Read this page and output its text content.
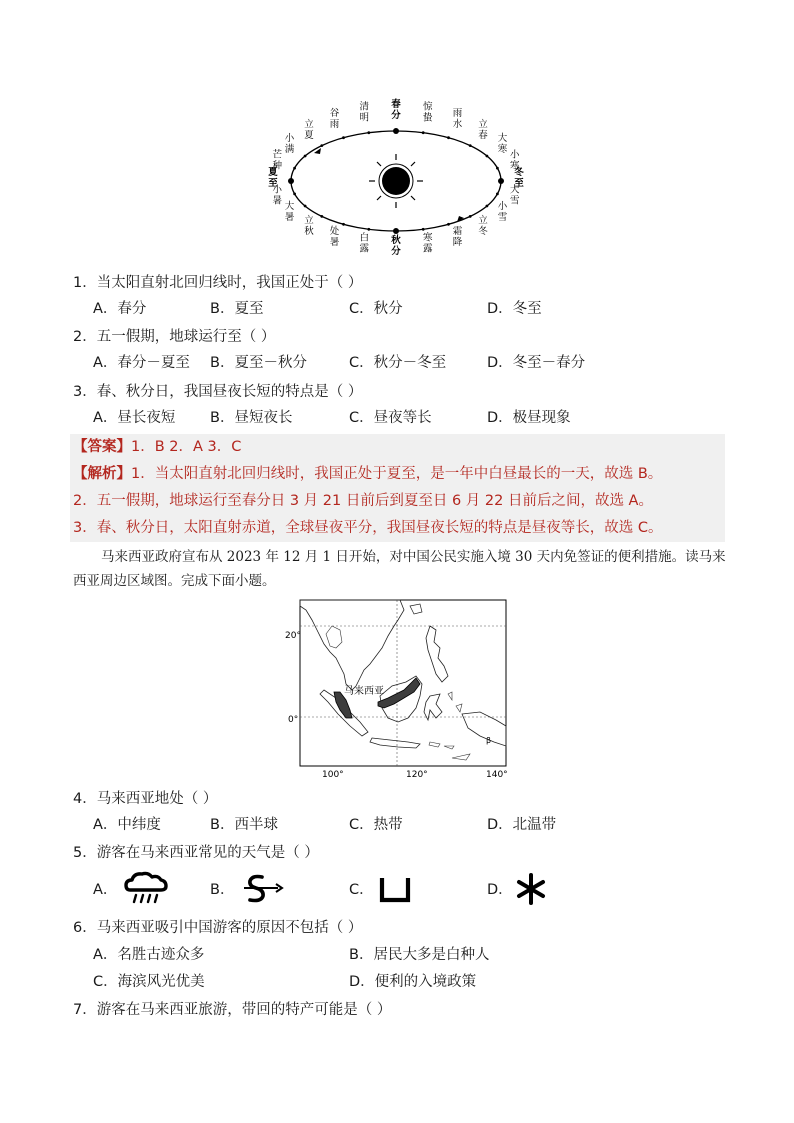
春分
清明
谷雨
立夏
小满
芒种
夏至
小暑 大暑 立秋 处暑 白露
秋分
寒露
霜降
立冬
小雪
大雪
冬至
小寒
大寒
立春
雨水
惊蛰
1．当太阳直射北回归线时，我国正处于（ ）
A．春分	B．夏至	C．秋分	D．冬至
2．五一假期，地球运行至（ ）
A．春分－夏至 B．夏至－秋分	C．秋分－冬至	D．冬至－春分
3．春、秋分日，我国昼夜长短的特点是（ ）
A．昼长夜短 B．昼短夜长	C．昼夜等长	D．极昼现象
【答案】1．B 2．A 3．C
【解析】1．当太阳直射北回归线时，我国正处于夏至，是一年中白昼最长的一天，故选 B。
2．五一假期，地球运行至春分日 3 月 21 日前后到夏至日 6 月 22 日前后之间，故选 A。
3．春、秋分日，太阳直射赤道，全球昼夜平分，我国昼夜长短的特点是昼夜等长，故选 C。
马来西亚政府宣布从 2023 年 12 月 1 日开始，对中国公民实施入境 30 天内免签证的便利措施。读马来西亚周边区域图。完成下面小题。
马来西亚
β
20°
0°
100°	120°	140°
4．马来西亚地处（ ）
A．中纬度	B．西半球	C．热带	D．北温带
5．游客在马来西亚常见的天气是（ ）
A．	B．	C．	D．
6．马来西亚吸引中国游客的原因不包括（ ）
A．名胜古迹众多	B．居民大多是白种人
C．海滨风光优美	D．便利的入境政策
7．游客在马来西亚旅游，带回的特产可能是（ ）
